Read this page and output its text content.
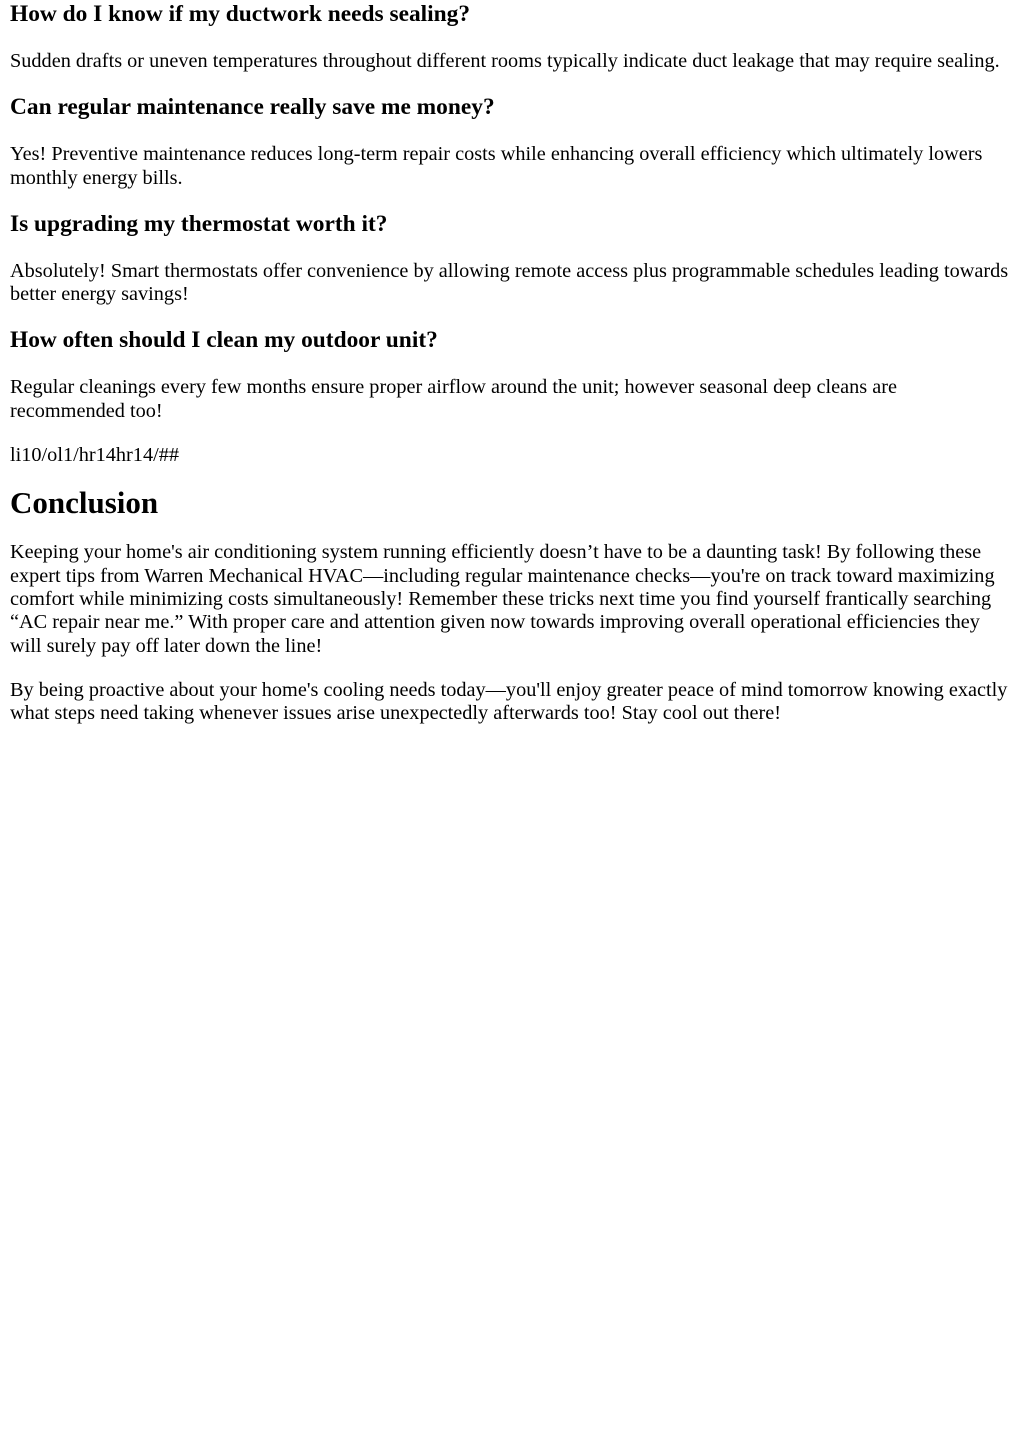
How do I know if my ductwork needs sealing?

Sudden drafts or uneven temperatures throughout different rooms typically indicate duct leakage that may require sealing.

Can regular maintenance really save me money?

Yes! Preventive maintenance reduces long-term repair costs while enhancing overall efficiency which ultimately lowers monthly energy bills.

Is upgrading my thermostat worth it?

Absolutely! Smart thermostats offer convenience by allowing remote access plus programmable schedules leading towards better energy savings!

How often should I clean my outdoor unit?

Regular cleanings every few months ensure proper airflow around the unit; however seasonal deep cleans are recommended too!

li10/ol1/hr14hr14/##

Conclusion

Keeping your home's air conditioning system running efficiently doesn’t have to be a daunting task! By following these expert tips from Warren Mechanical HVAC—including regular maintenance checks—you're on track toward maximizing comfort while minimizing costs simultaneously! Remember these tricks next time you find yourself frantically searching “AC repair near me.” With proper care and attention given now towards improving overall operational efficiencies they will surely pay off later down the line!

By being proactive about your home's cooling needs today—you'll enjoy greater peace of mind tomorrow knowing exactly what steps need taking whenever issues arise unexpectedly afterwards too! Stay cool out there!
